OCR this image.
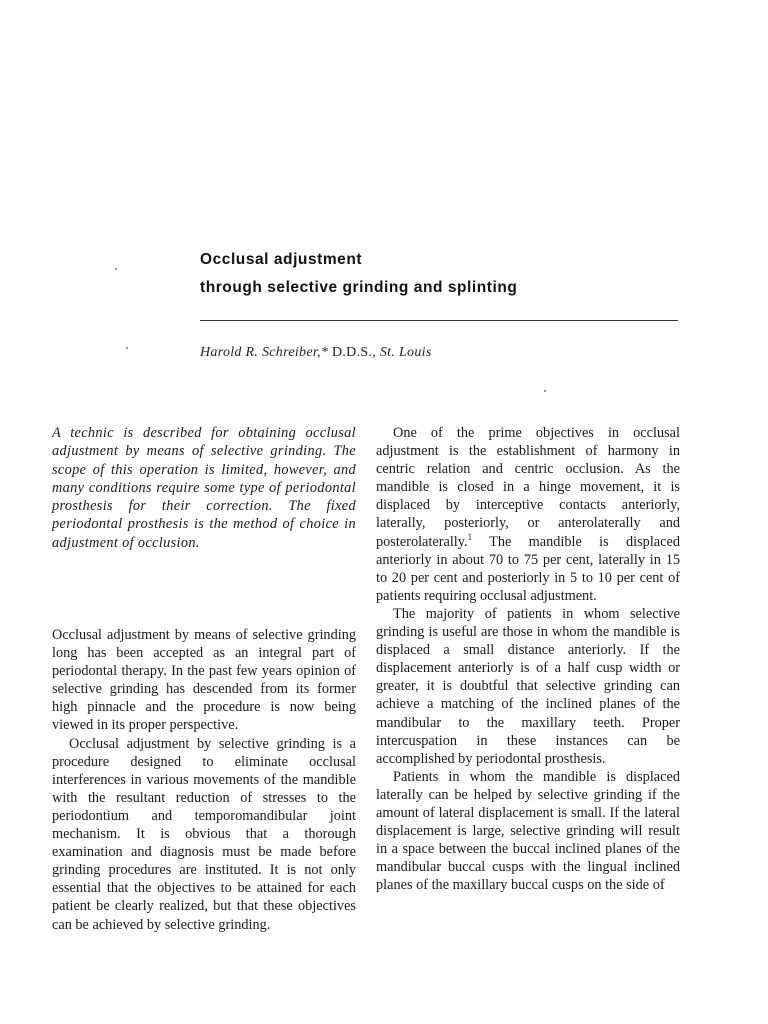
Occlusal adjustment

through selective grinding and splinting

Harold R. Schreiber,* D.D.S., St. Louis

A technic is described for obtaining occlusal adjustment by means of selective grinding. The scope of this operation is limited, however, and many conditions require some type of periodontal prosthesis for their correction. The fixed periodontal prosthesis is the method of choice in adjustment of occlusion.

Occlusal adjustment by means of selective grinding long has been accepted as an integral part of periodontal therapy. In the past few years opinion of selective grinding has descended from its former high pinnacle and the procedure is now being viewed in its proper perspective.

Occlusal adjustment by selective grinding is a procedure designed to eliminate occlusal interferences in various movements of the mandible with the resultant reduction of stresses to the periodontium and temporomandibular joint mechanism. It is obvious that a thorough examination and diagnosis must be made before grinding procedures are instituted. It is not only essential that the objectives to be attained for each patient be clearly realized, but that these objectives can be achieved by selective grinding.

One of the prime objectives in occlusal adjustment is the establishment of harmony in centric relation and centric occlusion. As the mandible is closed in a hinge movement, it is displaced by interceptive contacts anteriorly, laterally, posteriorly, or anterolaterally and posterolaterally.$^1$ The mandible is displaced anteriorly in about 70 to 75 per cent, laterally in 15 to 20 per cent and posteriorly in 5 to 10 per cent of patients requiring occlusal adjustment.

The majority of patients in whom selective grinding is useful are those in whom the mandible is displaced a small distance anteriorly. If the displacement anteriorly is of a half cusp width or greater, it is doubtful that selective grinding can achieve a matching of the inclined planes of the mandibular to the maxillary teeth. Proper intercuspation in these instances can be accomplished by periodontal prosthesis.

Patients in whom the mandible is displaced laterally can be helped by selective grinding if the amount of lateral displacement is small. If the lateral displacement is large, selective grinding will result in a space between the buccal inclined planes of the mandibular buccal cusps with the lingual inclined planes of the maxillary buccal cusps on the side of
